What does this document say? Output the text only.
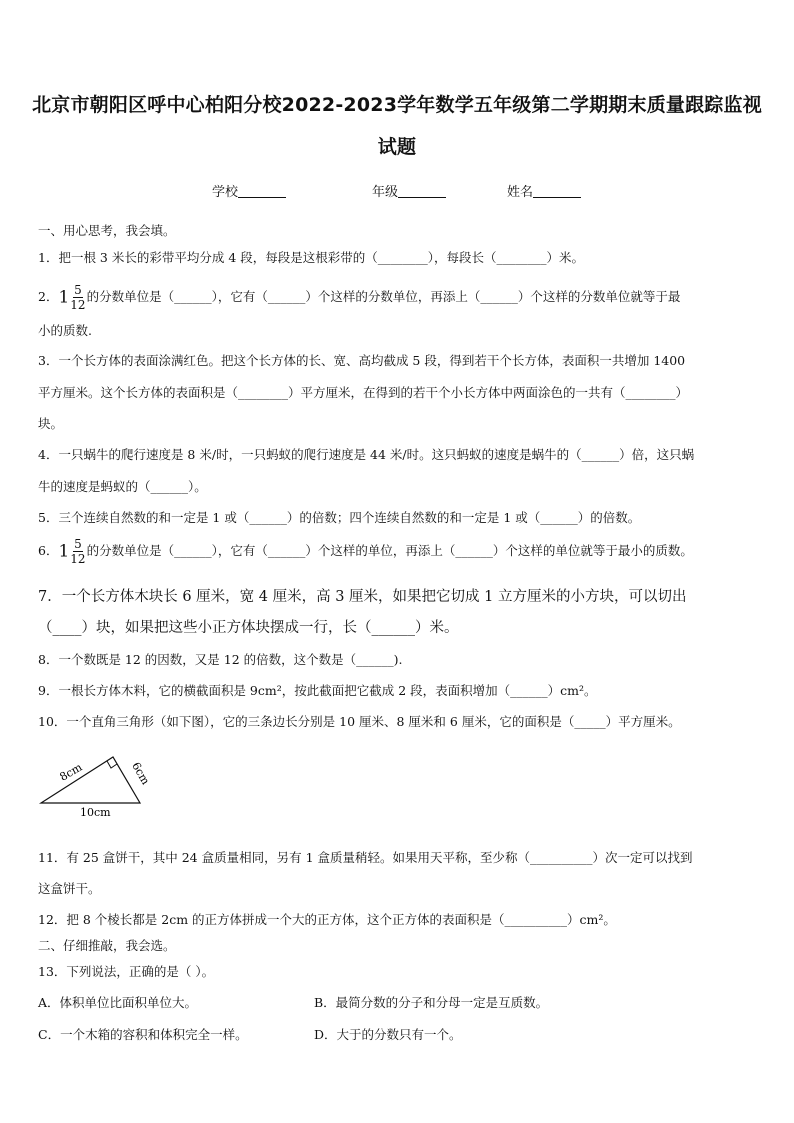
北京市朝阳区呼中心柏阳分校2022-2023学年数学五年级第二学期期末质量跟踪监视
试题
学校	年级	姓名
一、用心思考，我会填。
1．把一根 3 米长的彩带平均分成 4 段，每段是这根彩带的（________），每段长（________）米。
2．$1 \frac{5}{12}$ 的分数单位是（______），它有（______）个这样的分数单位，再添上（______）个这样的分数单位就等于最
小的质数.
3．一个长方体的表面涂满红色。把这个长方体的长、宽、高均截成 5 段，得到若干个长方体，表面积一共增加 1400
平方厘米。这个长方体的表面积是（________）平方厘米，在得到的若干个小长方体中两面涂色的一共有（________）
块。
4．一只蜗牛的爬行速度是 8 米/时，一只蚂蚁的爬行速度是 44 米/时。这只蚂蚁的速度是蜗牛的（______）倍，这只蜗
牛的速度是蚂蚁的（______）。
5．三个连续自然数的和一定是 1 或（______）的倍数；四个连续自然数的和一定是 1 或（______）的倍数。
6．$1 \frac{5}{12}$ 的分数单位是（______），它有（______）个这样的单位，再添上（______）个这样的单位就等于最小的质数。
7．一个长方体木块长 6 厘米，宽 4 厘米，高 3 厘米，如果把它切成 1 立方厘米的小方块，可以切出
（____）块，如果把这些小正方体块摆成一行，长（______）米。
8．一个数既是 12 的因数，又是 12 的倍数，这个数是（______).
9．一根长方体木料，它的横截面积是 9cm²，按此截面把它截成 2 段，表面积增加（______）cm²。
10．一个直角三角形（如下图），它的三条边长分别是 10 厘米、8 厘米和 6 厘米，它的面积是（_____）平方厘米。
8cm	6cm
10cm
11．有 25 盒饼干，其中 24 盒质量相同，另有 1 盒质量稍轻。如果用天平称，至少称（__________）次一定可以找到
这盒饼干。
12．把 8 个棱长都是 2cm 的正方体拼成一个大的正方体，这个正方体的表面积是（__________）cm²。
二、仔细推敲，我会选。
13．下列说法，正确的是（ ）。
A．体积单位比面积单位大。	B．最简分数的分子和分母一定是互质数。
C．一个木箱的容积和体积完全一样。	D．大于的分数只有一个。
